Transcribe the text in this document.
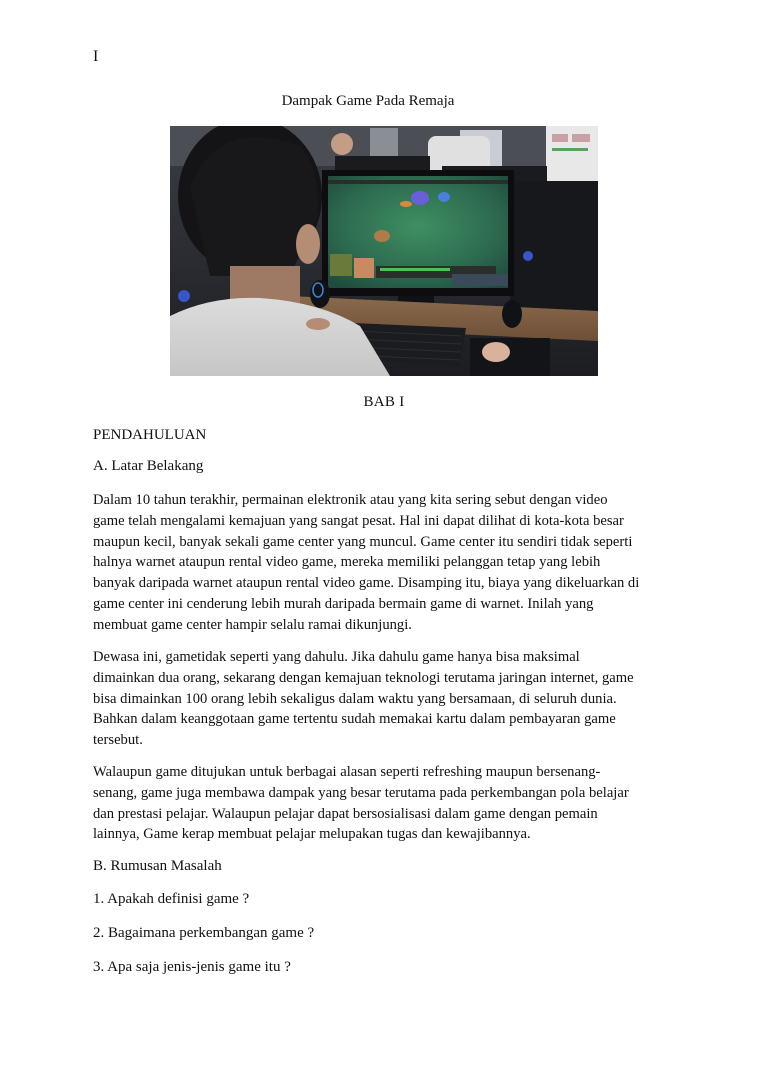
I
Dampak Game Pada Remaja
BAB I
PENDAHULUAN
A. Latar Belakang
Dalam 10 tahun terakhir, permainan elektronik atau yang kita sering sebut dengan video
game telah mengalami kemajuan yang sangat pesat. Hal ini dapat dilihat di kota-kota besar
maupun kecil, banyak sekali game center yang muncul. Game center itu sendiri tidak seperti
halnya warnet ataupun rental video game, mereka memiliki pelanggan tetap yang lebih
banyak daripada warnet ataupun rental video game. Disamping itu, biaya yang dikeluarkan di
game center ini cenderung lebih murah daripada bermain game di warnet. Inilah yang
membuat game center hampir selalu ramai dikunjungi.
Dewasa ini, gametidak seperti yang dahulu. Jika dahulu game hanya bisa maksimal
dimainkan dua orang, sekarang dengan kemajuan teknologi terutama jaringan internet, game
bisa dimainkan 100 orang lebih sekaligus dalam waktu yang bersamaan, di seluruh dunia.
Bahkan dalam keanggotaan game tertentu sudah memakai kartu dalam pembayaran game
tersebut.
Walaupun game ditujukan untuk berbagai alasan seperti refreshing maupun bersenang-
senang, game juga membawa dampak yang besar terutama pada perkembangan pola belajar
dan prestasi pelajar. Walaupun pelajar dapat bersosialisasi dalam game dengan pemain
lainnya, Game kerap membuat pelajar melupakan tugas dan kewajibannya.
B. Rumusan Masalah
1. Apakah definisi game ?
2. Bagaimana perkembangan game ?
3. Apa saja jenis-jenis game itu ?
